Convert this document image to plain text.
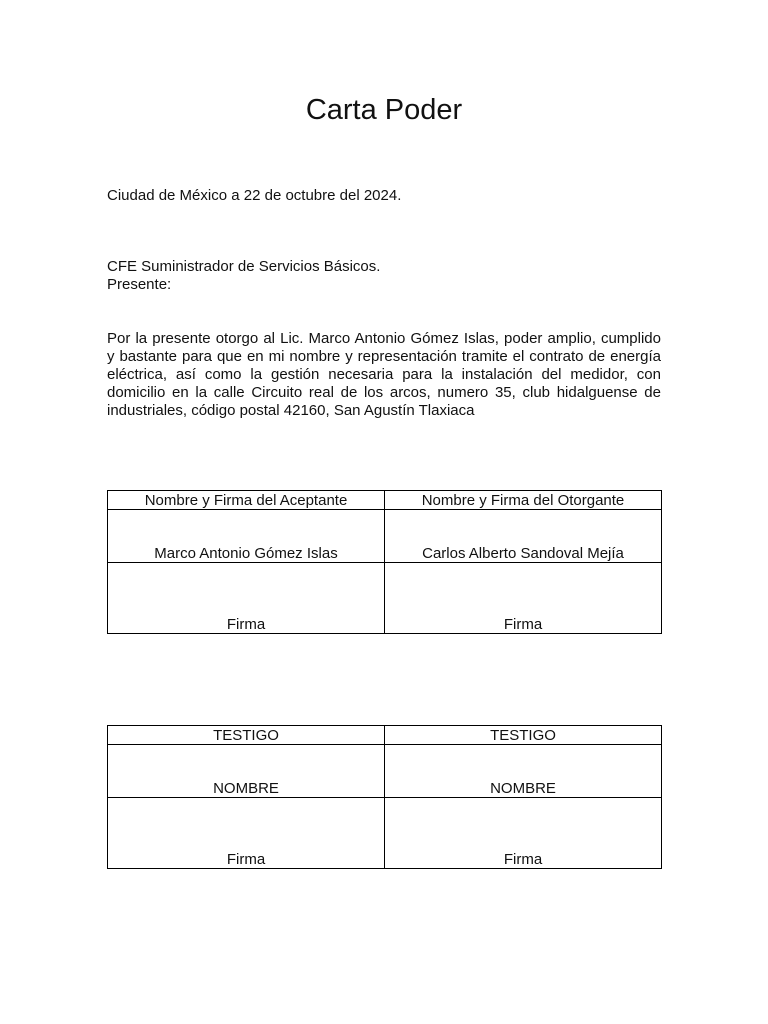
Carta Poder
Ciudad de México a 22 de octubre del 2024.
CFE Suministrador de Servicios Básicos.
Presente:
Por la presente otorgo al Lic. Marco Antonio Gómez Islas, poder amplio, cumplido y bastante para que en mi nombre y representación tramite el contrato de energía eléctrica, así como la gestión necesaria para la instalación del medidor, con domicilio en la calle Circuito real de los arcos, numero 35, club hidalguense de industriales, código postal 42160, San Agustín Tlaxiaca
Nombre y Firma del Aceptante	Nombre y Firma del Otorgante
Marco Antonio Gómez Islas	Carlos Alberto Sandoval Mejía
Firma	Firma
TESTIGO	TESTIGO
NOMBRE	NOMBRE
Firma	Firma
